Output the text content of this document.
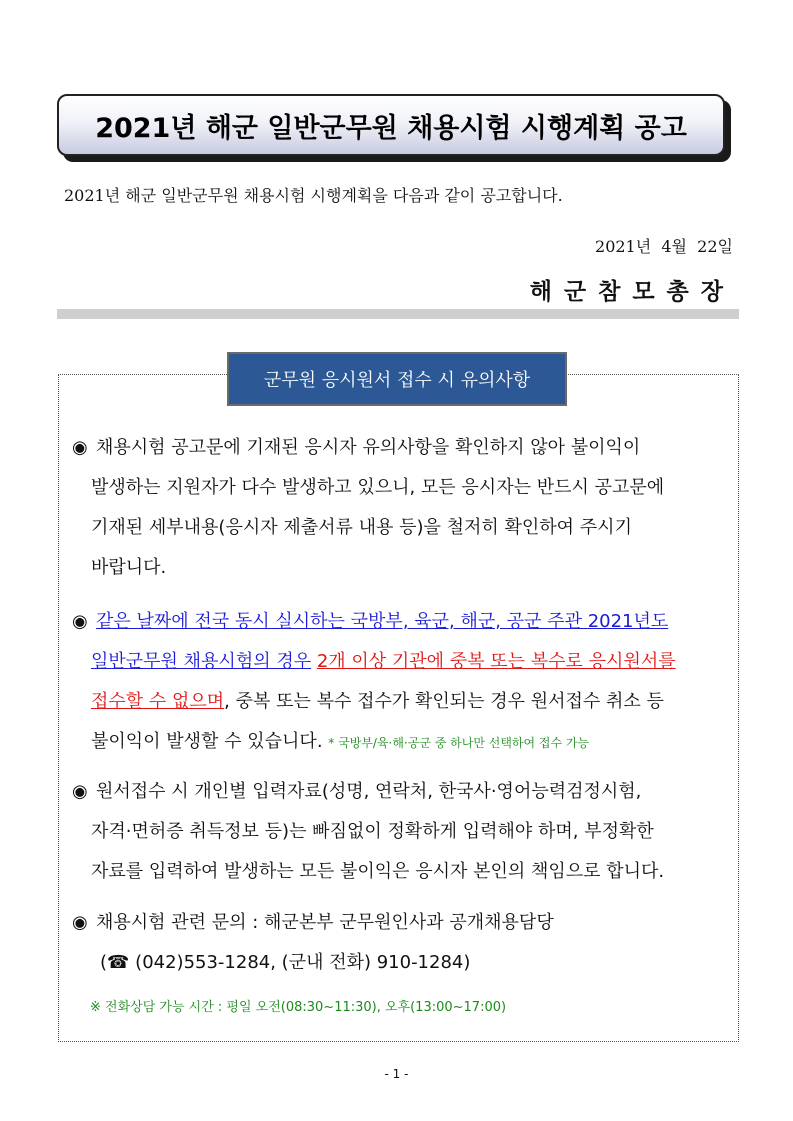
2021년 해군 일반군무원 채용시험 시행계획 공고
2021년 해군 일반군무원 채용시험 시행계획을 다음과 같이 공고합니다.
2021년  4월  22일
해군참모총장
군무원 응시원서 접수 시 유의사항
◉ 채용시험 공고문에 기재된 응시자 유의사항을 확인하지 않아 불이익이
발생하는 지원자가 다수 발생하고 있으니, 모든 응시자는 반드시 공고문에
기재된 세부내용(응시자 제출서류 내용 등)을 철저히 확인하여 주시기
바랍니다.
◉ 같은 날짜에 전국 동시 실시하는 국방부, 육군, 해군, 공군 주관 2021년도
일반군무원 채용시험의 경우 2개 이상 기관에 중복 또는 복수로 응시원서를
접수할 수 없으며, 중복 또는 복수 접수가 확인되는 경우 원서접수 취소 등
불이익이 발생할 수 있습니다. * 국방부/육·해·공군 중 하나만 선택하여 접수 가능
◉ 원서접수 시 개인별 입력자료(성명, 연락처, 한국사·영어능력검정시험,
자격·면허증 취득정보 등)는 빠짐없이 정확하게 입력해야 하며, 부정확한
자료를 입력하여 발생하는 모든 불이익은 응시자 본인의 책임으로 합니다.
◉ 채용시험 관련 문의 : 해군본부 군무원인사과 공개채용담당
(☎ (042)553-1284, (군내 전화) 910-1284)
※ 전화상담 가능 시간 : 평일 오전(08:30~11:30), 오후(13:00~17:00)
- 1 -
